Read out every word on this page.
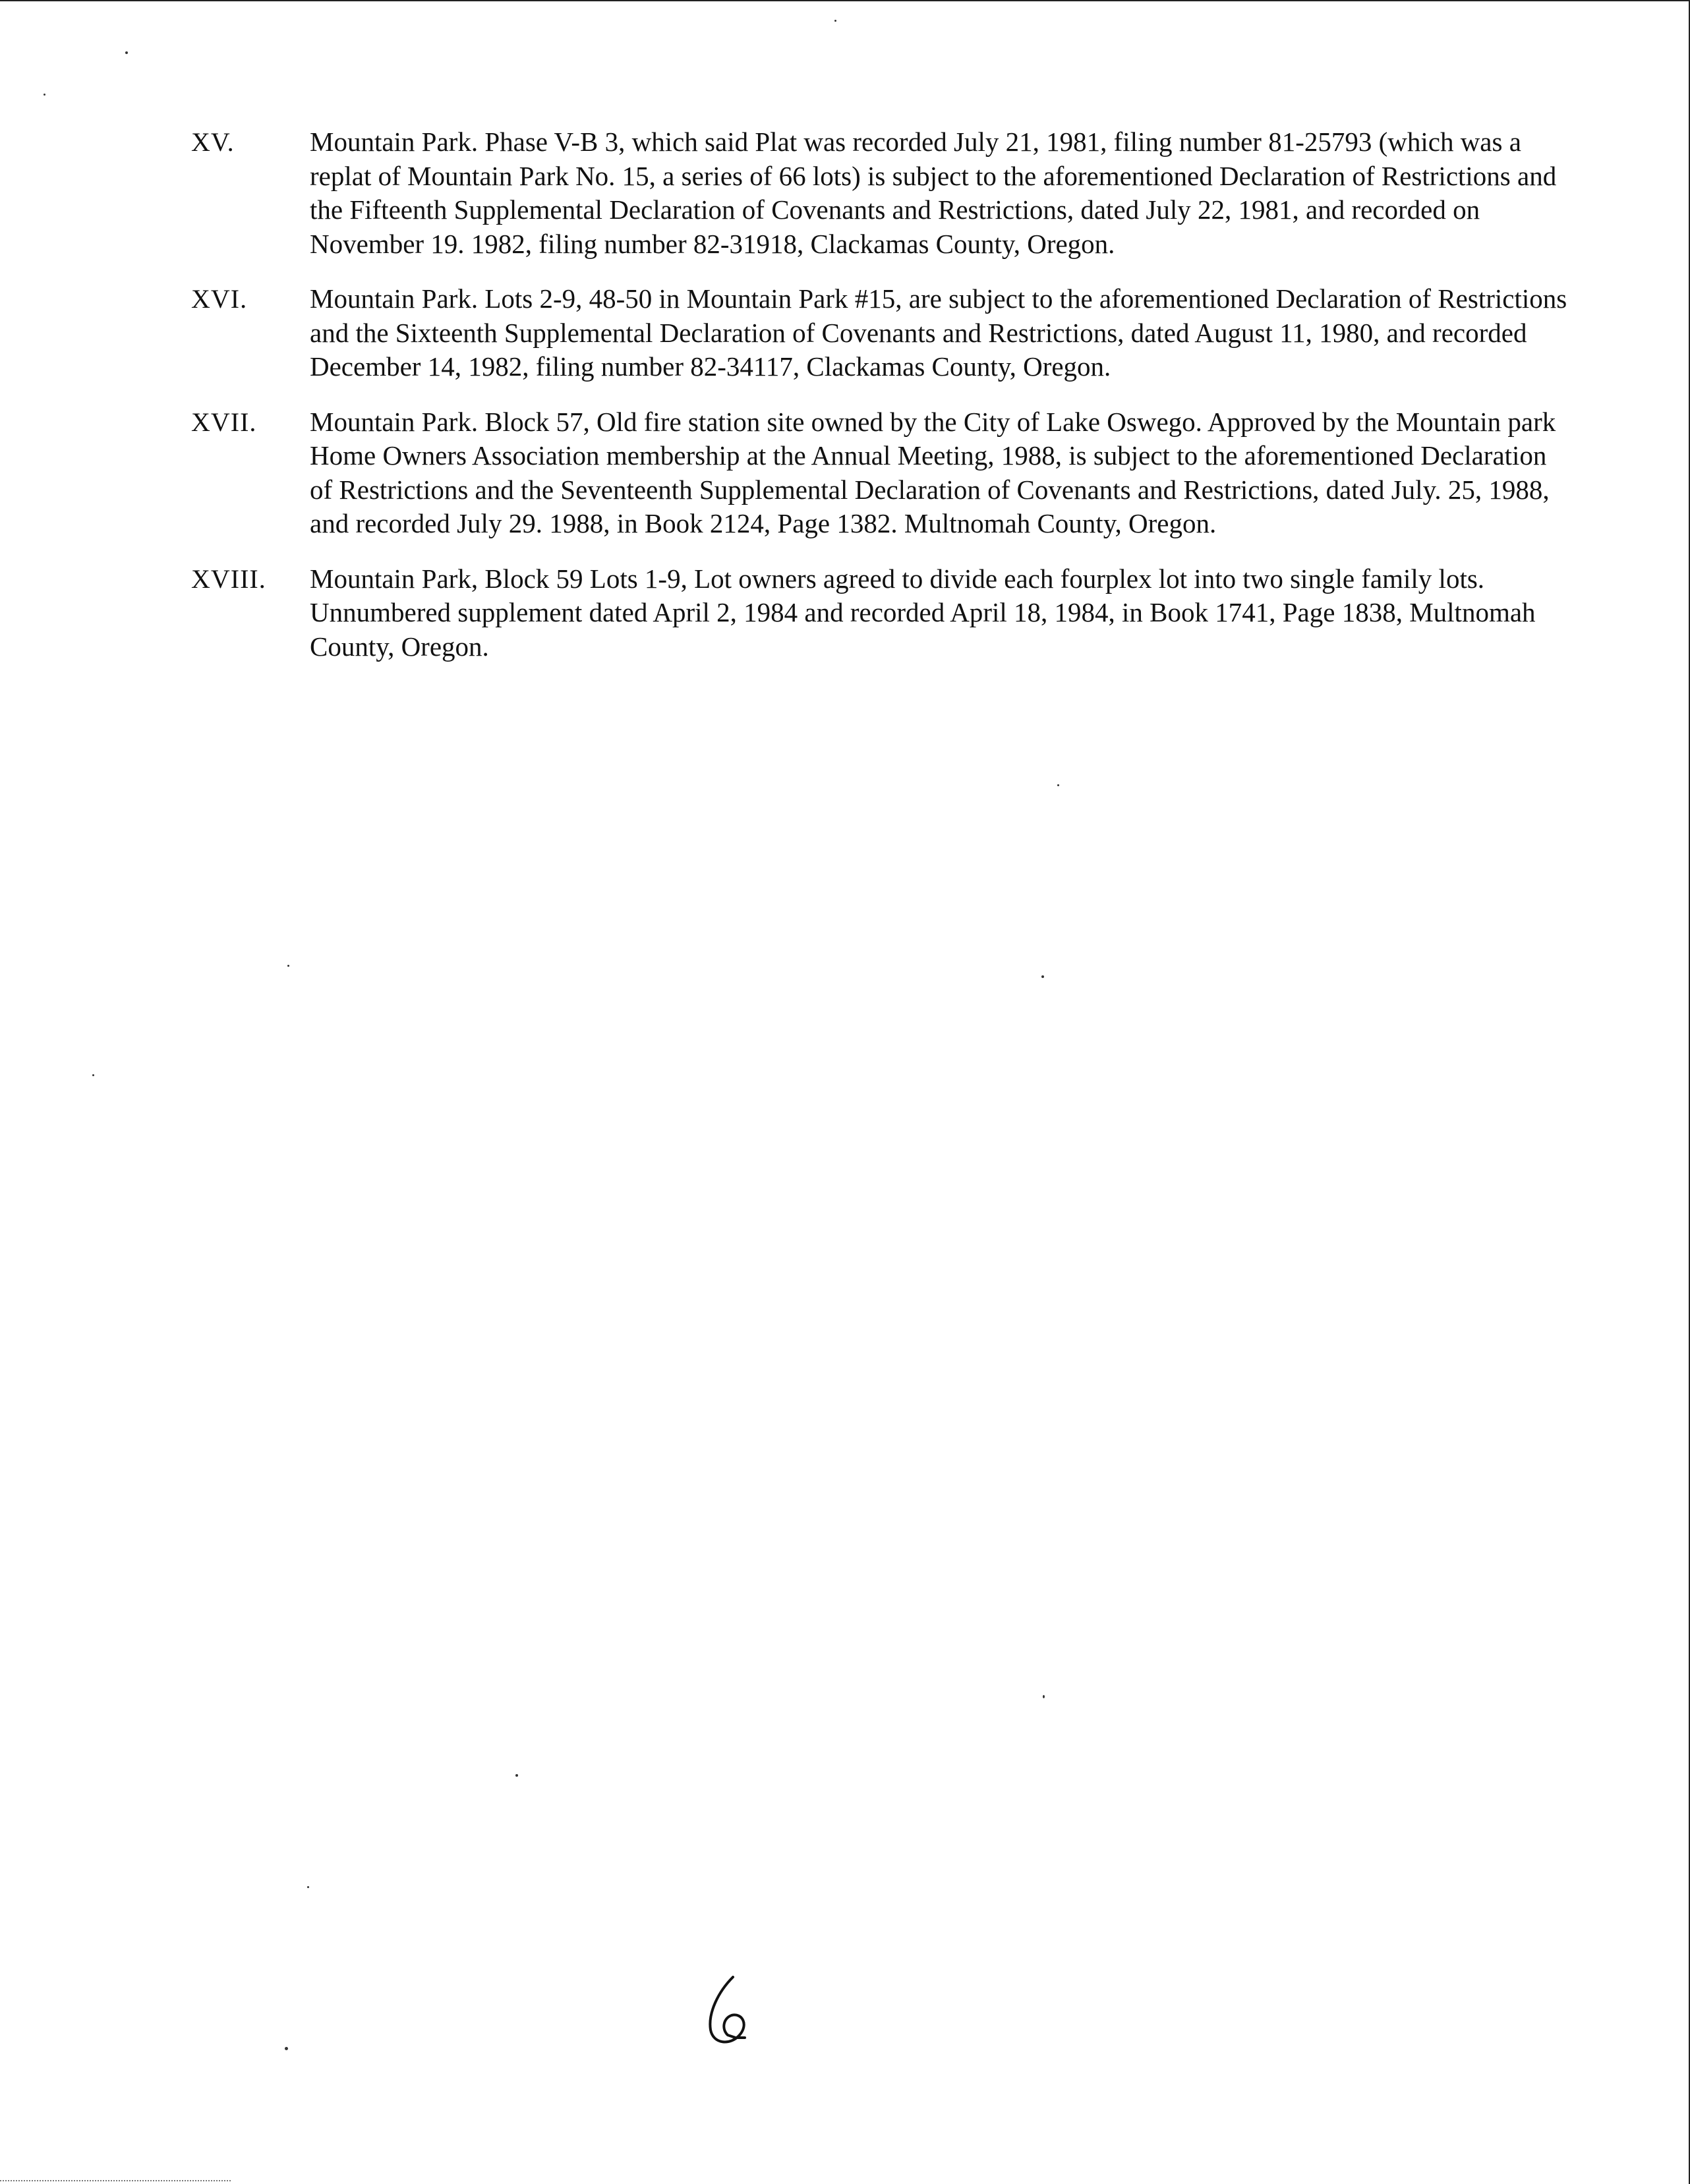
XV.	Mountain Park. Phase V-B 3, which said Plat was recorded July 21, 1981, filing number 81-25793 (which was a replat of Mountain Park No. 15, a series of 66 lots) is subject to the aforementioned Declaration of Restrictions and the Fifteenth Supplemental Declaration of Covenants and Restrictions, dated July 22, 1981, and recorded on November 19. 1982, filing number 82-31918, Clackamas County, Oregon.
XVI.	Mountain Park. Lots 2-9, 48-50 in Mountain Park #15, are subject to the aforementioned Declaration of Restrictions and the Sixteenth Supplemental Declaration of Covenants and Restrictions, dated August 11, 1980, and recorded December 14, 1982, filing number 82-34117, Clackamas County, Oregon.
XVII.	Mountain Park. Block 57, Old fire station site owned by the City of Lake Oswego. Approved by the Mountain park Home Owners Association membership at the Annual Meeting, 1988, is subject to the aforementioned Declaration of Restrictions and the Seventeenth Supplemental Declaration of Covenants and Restrictions, dated July. 25, 1988, and recorded July 29. 1988, in Book 2124, Page 1382. Multnomah County, Oregon.
XVIII.	Mountain Park, Block 59 Lots 1-9, Lot owners agreed to divide each fourplex lot into two single family lots. Unnumbered supplement dated April 2, 1984 and recorded April 18, 1984, in Book 1741, Page 1838, Multnomah County, Oregon.
